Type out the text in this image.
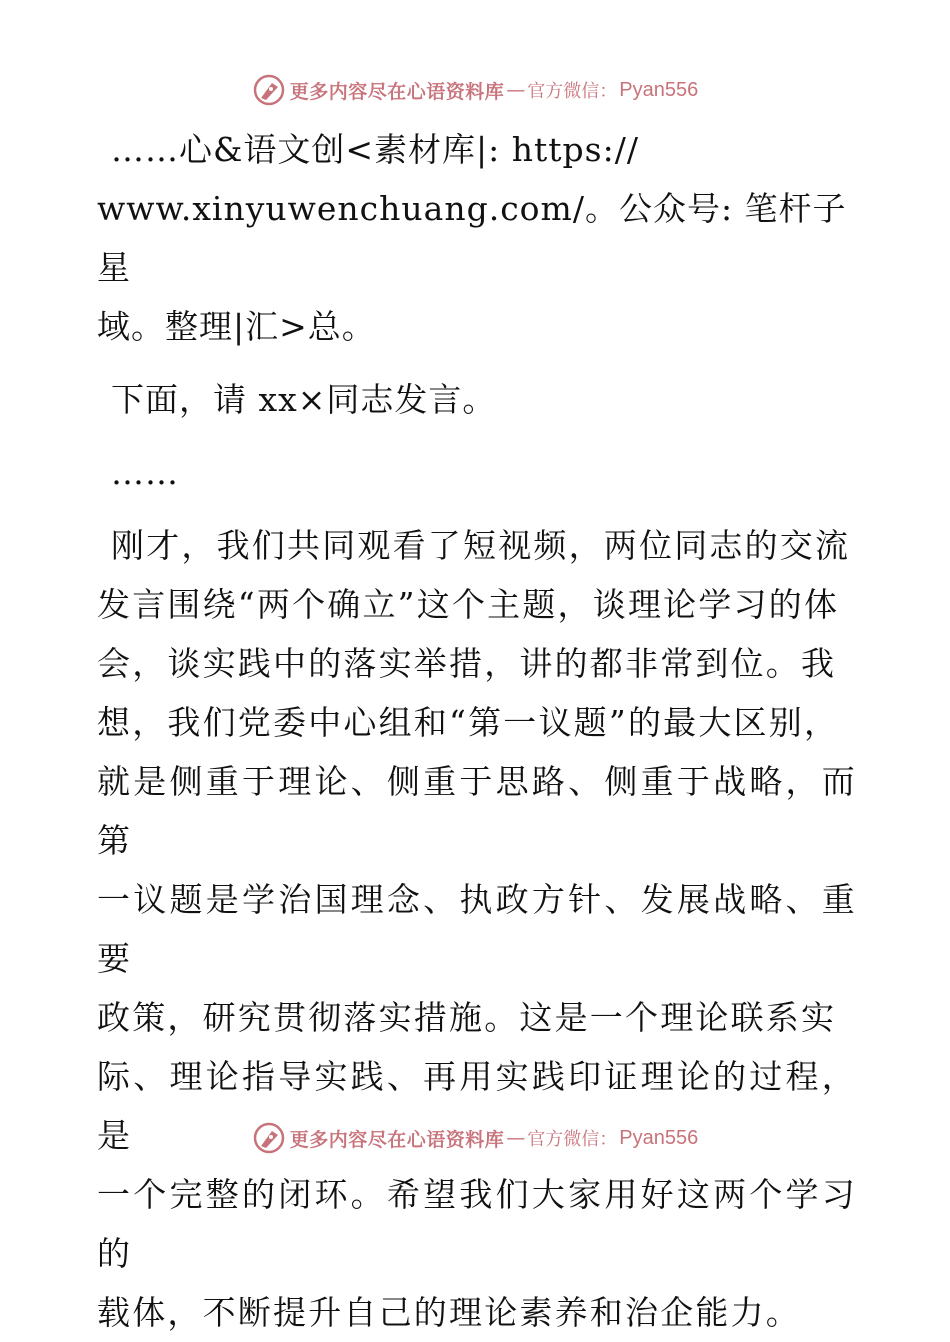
更多内容尽在心语资料库 — 官方微信： Pyan556

……心&语文创<素材库|: https://

www.xinyuwenchuang.com/。公众号: 笔杆子星

域。整理|汇>总。

下面，请 xx×同志发言。

……

刚才，我们共同观看了短视频，两位同志的交流

发言围绕“两个确立”这个主题，谈理论学习的体

会，谈实践中的落实举措，讲的都非常到位。我

想，我们党委中心组和“第一议题”的最大区别，

就是侧重于理论、侧重于思路、侧重于战略，而第

一议题是学治国理念、执政方针、发展战略、重要

政策，研究贯彻落实措施。这是一个理论联系实

际、理论指导实践、再用实践印证理论的过程，是

一个完整的闭环。希望我们大家用好这两个学习的

载体，不断提升自己的理论素养和治企能力。

更多内容尽在心语资料库 — 官方微信： Pyan556
